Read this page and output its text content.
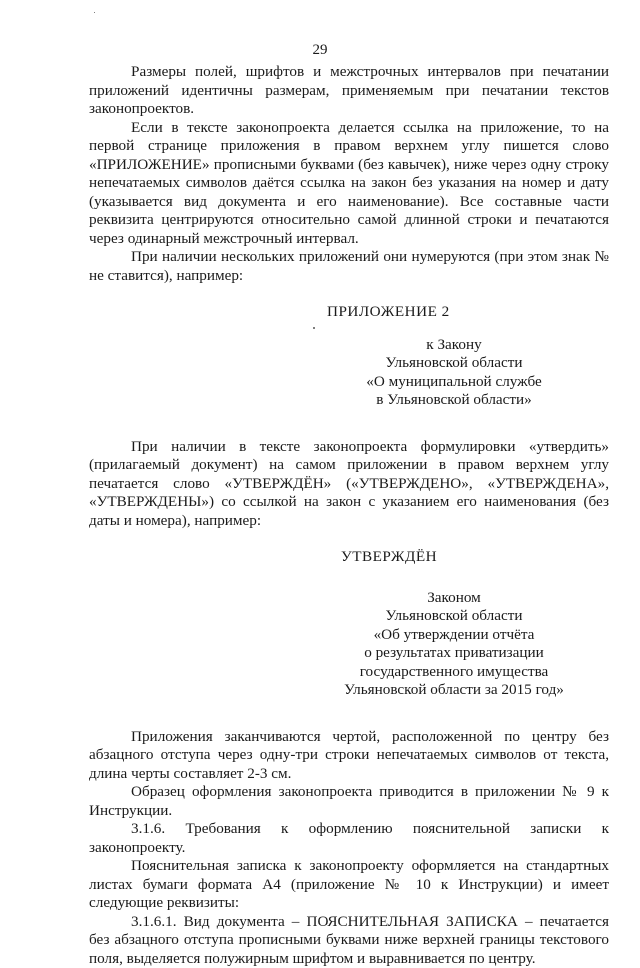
29

Размеры полей, шрифтов и межстрочных интервалов при печатании приложений идентичны размерам, применяемым при печатании текстов законопроектов.

Если в тексте законопроекта делается ссылка на приложение, то на первой странице приложения в правом верхнем углу пишется слово «ПРИЛОЖЕНИЕ» прописными буквами (без кавычек), ниже через одну строку непечатаемых символов даётся ссылка на закон без указания на номер и дату (указывается вид документа и его наименование). Все составные части реквизита центрируются относительно самой длинной строки и печатаются через одинарный межстрочный интервал.

При наличии нескольких приложений они нумеруются (при этом знак № не ставится), например:

ПРИЛОЖЕНИЕ 2
к Закону
Ульяновской области
«О муниципальной службе
в Ульяновской области»

При наличии в тексте законопроекта формулировки «утвердить» (прилагаемый документ) на самом приложении в правом верхнем углу печатается слово «УТВЕРЖДЁН» («УТВЕРЖДЕНО», «УТВЕРЖДЕНА», «УТВЕРЖДЕНЫ») со ссылкой на закон с указанием его наименования (без даты и номера), например:

УТВЕРЖДЁН
Законом
Ульяновской области
«Об утверждении отчёта
о результатах приватизации
государственного имущества
Ульяновской области за 2015 год»

Приложения заканчиваются чертой, расположенной по центру без абзацного отступа через одну-три строки непечатаемых символов от текста, длина черты составляет 2-3 см.

Образец оформления законопроекта приводится в приложении № 9 к Инструкции.

3.1.6. Требования к оформлению пояснительной записки к законопроекту.

Пояснительная записка к законопроекту оформляется на стандартных листах бумаги формата А4 (приложение № 10 к Инструкции) и имеет следующие реквизиты:

3.1.6.1. Вид документа – ПОЯСНИТЕЛЬНАЯ ЗАПИСКА – печатается без абзацного отступа прописными буквами ниже верхней границы текстового поля, выделяется полужирным шрифтом и выравнивается по центру.
